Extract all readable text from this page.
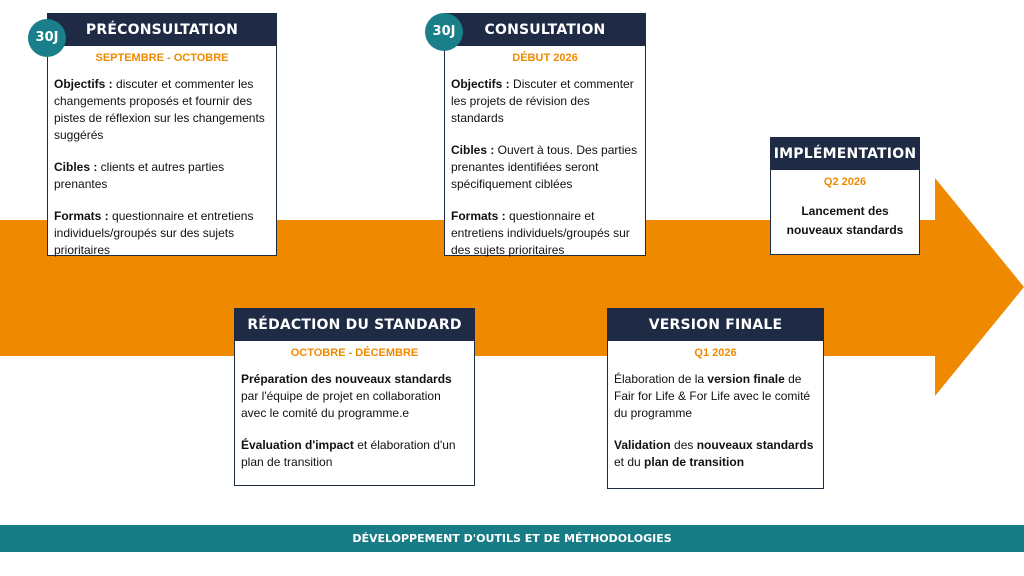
PRÉCONSULTATION
SEPTEMBRE - OCTOBRE

Objectifs : discuter et commenter les changements proposés et fournir des pistes de réflexion sur les changements suggérés

Cibles : clients et autres parties prenantes

Formats : questionnaire et entretiens individuels/groupés sur des sujets prioritaires

30J	CONSULTATION
DÉBUT 2026

Objectifs : Discuter et commenter les projets de révision des standards

Cibles : Ouvert à tous. Des parties prenantes identifiées seront spécifiquement ciblées

Formats : questionnaire et entretiens individuels/groupés sur des sujets prioritaires

30J
IMPLÉMENTATION
Q2 2026
Lancement des nouveaux standards
RÉDACTION DU STANDARD
OCTOBRE - DÉCEMBRE

Préparation des nouveaux standards par l'équipe de projet en collaboration avec le comité du programme.e

Évaluation d'impact et élaboration d'un plan de transition

VERSION FINALE
Q1 2026

Élaboration de la version finale de Fair for Life & For Life avec le comité du programme

Validation des nouveaux standards et du plan de transition

DÉVELOPPEMENT D'OUTILS ET DE MÉTHODOLOGIES
